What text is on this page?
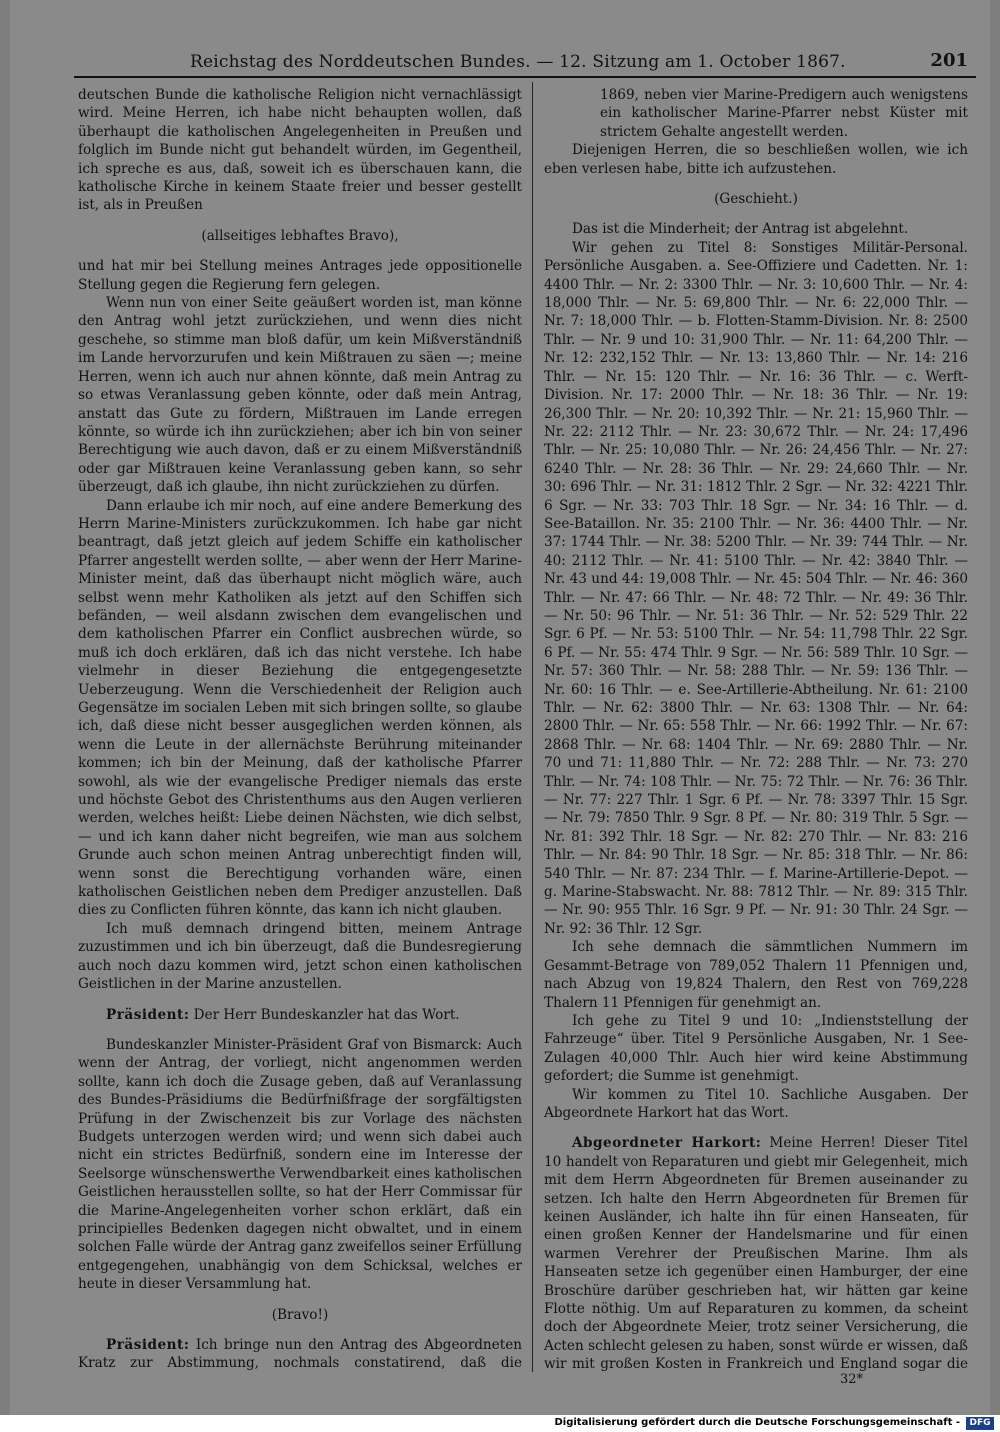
Reichstag des Norddeutschen Bundes. — 12. Sitzung am 1. October 1867.	201

deutschen Bunde die katholische Religion nicht vernachlässigt wird. Meine Herren, ich habe nicht behaupten wollen, daß überhaupt die katholischen Angelegenheiten in Preußen und folglich im Bunde nicht gut behandelt würden, im Gegentheil, ich spreche es aus, daß, soweit ich es überschauen kann, die katholische Kirche in keinem Staate freier und besser gestellt ist, als in Preußen

(allseitiges lebhaftes Bravo),

und hat mir bei Stellung meines Antrages jede oppositionelle Stellung gegen die Regierung fern gelegen.

Wenn nun von einer Seite geäußert worden ist, man könne den Antrag wohl jetzt zurückziehen, und wenn dies nicht geschehe, so stimme man bloß dafür, um kein Mißverständniß im Lande hervorzurufen und kein Mißtrauen zu säen —; meine Herren, wenn ich auch nur ahnen könnte, daß mein Antrag zu so etwas Veranlassung geben könnte, oder daß mein Antrag, anstatt das Gute zu fördern, Mißtrauen im Lande erregen könnte, so würde ich ihn zurückziehen; aber ich bin von seiner Berechtigung wie auch davon, daß er zu einem Mißverständniß oder gar Mißtrauen keine Veranlassung geben kann, so sehr überzeugt, daß ich glaube, ihn nicht zurückziehen zu dürfen.

Dann erlaube ich mir noch, auf eine andere Bemerkung des Herrn Marine-Ministers zurückzukommen. Ich habe gar nicht beantragt, daß jetzt gleich auf jedem Schiffe ein katholischer Pfarrer angestellt werden sollte, — aber wenn der Herr Marine-Minister meint, daß das überhaupt nicht möglich wäre, auch selbst wenn mehr Katholiken als jetzt auf den Schiffen sich befänden, — weil alsdann zwischen dem evangelischen und dem katholischen Pfarrer ein Conflict ausbrechen würde, so muß ich doch erklären, daß ich das nicht verstehe. Ich habe vielmehr in dieser Beziehung die entgegengesetzte Ueberzeugung. Wenn die Verschiedenheit der Religion auch Gegensätze im socialen Leben mit sich bringen sollte, so glaube ich, daß diese nicht besser ausgeglichen werden können, als wenn die Leute in der allernächste Berührung miteinander kommen; ich bin der Meinung, daß der katholische Pfarrer sowohl, als wie der evangelische Prediger niemals das erste und höchste Gebot des Christenthums aus den Augen verlieren werden, welches heißt: Liebe deinen Nächsten, wie dich selbst, — und ich kann daher nicht begreifen, wie man aus solchem Grunde auch schon meinen Antrag unberechtigt finden will, wenn sonst die Berechtigung vorhanden wäre, einen katholischen Geistlichen neben dem Prediger anzustellen. Daß dies zu Conflicten führen könnte, das kann ich nicht glauben.

Ich muß demnach dringend bitten, meinem Antrage zuzustimmen und ich bin überzeugt, daß die Bundesregierung auch noch dazu kommen wird, jetzt schon einen katholischen Geistlichen in der Marine anzustellen.

Präsident: Der Herr Bundeskanzler hat das Wort.

Bundeskanzler Minister-Präsident Graf von Bismarck: Auch wenn der Antrag, der vorliegt, nicht angenommen werden sollte, kann ich doch die Zusage geben, daß auf Veranlassung des Bundes-Präsidiums die Bedürfnißfrage der sorgfältigsten Prüfung in der Zwischenzeit bis zur Vorlage des nächsten Budgets unterzogen werden wird; und wenn sich dabei auch nicht ein strictes Bedürfniß, sondern eine im Interesse der Seelsorge wünschenswerthe Verwendbarkeit eines katholischen Geistlichen herausstellen sollte, so hat der Herr Commissar für die Marine-Angelegenheiten vorher schon erklärt, daß ein principielles Bedenken dagegen nicht obwaltet, und in einem solchen Falle würde der Antrag ganz zweifellos seiner Erfüllung entgegengehen, unabhängig von dem Schicksal, welches er heute in dieser Versammlung hat.

(Bravo!)

Präsident: Ich bringe nun den Antrag des Abgeordneten Kratz zur Abstimmung, nochmals constatirend, daß die

1869, neben vier Marine-Predigern auch wenigstens ein katholischer Marine-Pfarrer nebst Küster mit strictem Gehalte angestellt werden.

Diejenigen Herren, die so beschließen wollen, wie ich eben verlesen habe, bitte ich aufzustehen.

(Geschieht.)

Das ist die Minderheit; der Antrag ist abgelehnt.

Wir gehen zu Titel 8: Sonstiges Militär-Personal. Persönliche Ausgaben. a. See-Offiziere und Cadetten. Nr. 1: 4400 Thlr. — Nr. 2: 3300 Thlr. — Nr. 3: 10,600 Thlr. — Nr. 4: 18,000 Thlr. — Nr. 5: 69,800 Thlr. — Nr. 6: 22,000 Thlr. — Nr. 7: 18,000 Thlr. — b. Flotten-Stamm-Division. Nr. 8: 2500 Thlr. — Nr. 9 und 10: 31,900 Thlr. — Nr. 11: 64,200 Thlr. — Nr. 12: 232,152 Thlr. — Nr. 13: 13,860 Thlr. — Nr. 14: 216 Thlr. — Nr. 15: 120 Thlr. — Nr. 16: 36 Thlr. — c. Werft-Division. Nr. 17: 2000 Thlr. — Nr. 18: 36 Thlr. — Nr. 19: 26,300 Thlr. — Nr. 20: 10,392 Thlr. — Nr. 21: 15,960 Thlr. — Nr. 22: 2112 Thlr. — Nr. 23: 30,672 Thlr. — Nr. 24: 17,496 Thlr. — Nr. 25: 10,080 Thlr. — Nr. 26: 24,456 Thlr. — Nr. 27: 6240 Thlr. — Nr. 28: 36 Thlr. — Nr. 29: 24,660 Thlr. — Nr. 30: 696 Thlr. — Nr. 31: 1812 Thlr. 2 Sgr. — Nr. 32: 4221 Thlr. 6 Sgr. — Nr. 33: 703 Thlr. 18 Sgr. — Nr. 34: 16 Thlr. — d. See-Bataillon. Nr. 35: 2100 Thlr. — Nr. 36: 4400 Thlr. — Nr. 37: 1744 Thlr. — Nr. 38: 5200 Thlr. — Nr. 39: 744 Thlr. — Nr. 40: 2112 Thlr. — Nr. 41: 5100 Thlr. — Nr. 42: 3840 Thlr. — Nr. 43 und 44: 19,008 Thlr. — Nr. 45: 504 Thlr. — Nr. 46: 360 Thlr. — Nr. 47: 66 Thlr. — Nr. 48: 72 Thlr. — Nr. 49: 36 Thlr. — Nr. 50: 96 Thlr. — Nr. 51: 36 Thlr. — Nr. 52: 529 Thlr. 22 Sgr. 6 Pf. — Nr. 53: 5100 Thlr. — Nr. 54: 11,798 Thlr. 22 Sgr. 6 Pf. — Nr. 55: 474 Thlr. 9 Sgr. — Nr. 56: 589 Thlr. 10 Sgr. — Nr. 57: 360 Thlr. — Nr. 58: 288 Thlr. — Nr. 59: 136 Thlr. — Nr. 60: 16 Thlr. — e. See-Artillerie-Abtheilung. Nr. 61: 2100 Thlr. — Nr. 62: 3800 Thlr. — Nr. 63: 1308 Thlr. — Nr. 64: 2800 Thlr. — Nr. 65: 558 Thlr. — Nr. 66: 1992 Thlr. — Nr. 67: 2868 Thlr. — Nr. 68: 1404 Thlr. — Nr. 69: 2880 Thlr. — Nr. 70 und 71: 11,880 Thlr. — Nr. 72: 288 Thlr. — Nr. 73: 270 Thlr. — Nr. 74: 108 Thlr. — Nr. 75: 72 Thlr. — Nr. 76: 36 Thlr. — Nr. 77: 227 Thlr. 1 Sgr. 6 Pf. — Nr. 78: 3397 Thlr. 15 Sgr. — Nr. 79: 7850 Thlr. 9 Sgr. 8 Pf. — Nr. 80: 319 Thlr. 5 Sgr. — Nr. 81: 392 Thlr. 18 Sgr. — Nr. 82: 270 Thlr. — Nr. 83: 216 Thlr. — Nr. 84: 90 Thlr. 18 Sgr. — Nr. 85: 318 Thlr. — Nr. 86: 540 Thlr. — Nr. 87: 234 Thlr. — f. Marine-Artillerie-Depot. — g. Marine-Stabswacht. Nr. 88: 7812 Thlr. — Nr. 89: 315 Thlr. — Nr. 90: 955 Thlr. 16 Sgr. 9 Pf. — Nr. 91: 30 Thlr. 24 Sgr. — Nr. 92: 36 Thlr. 12 Sgr.

Ich sehe demnach die sämmtlichen Nummern im Gesammt-Betrage von 789,052 Thalern 11 Pfennigen und, nach Abzug von 19,824 Thalern, den Rest von 769,228 Thalern 11 Pfennigen für genehmigt an.

Ich gehe zu Titel 9 und 10: „Indienststellung der Fahrzeuge“ über. Titel 9 Persönliche Ausgaben, Nr. 1 See-Zulagen 40,000 Thlr. Auch hier wird keine Abstimmung gefordert; die Summe ist genehmigt.

Wir kommen zu Titel 10. Sachliche Ausgaben. Der Abgeordnete Harkort hat das Wort.

Abgeordneter Harkort: Meine Herren! Dieser Titel 10 handelt von Reparaturen und giebt mir Gelegenheit, mich mit dem Herrn Abgeordneten für Bremen auseinander zu setzen. Ich halte den Herrn Abgeordneten für Bremen für keinen Ausländer, ich halte ihn für einen Hanseaten, für einen großen Kenner der Handelsmarine und für einen warmen Verehrer der Preußischen Marine. Ihm als Hanseaten setze ich gegenüber einen Hamburger, der eine Broschüre darüber geschrieben hat, wir hätten gar keine Flotte nöthig. Um auf Reparaturen zu kommen, da scheint doch der Abgeordnete Meier, trotz seiner Versicherung, die Acten schlecht gelesen zu haben, sonst würde er wissen, daß wir mit großen Kosten in Frankreich und England sogar die

32*
Digitalisierung gefördert durch die Deutsche Forschungsgemeinschaft -	DFG
